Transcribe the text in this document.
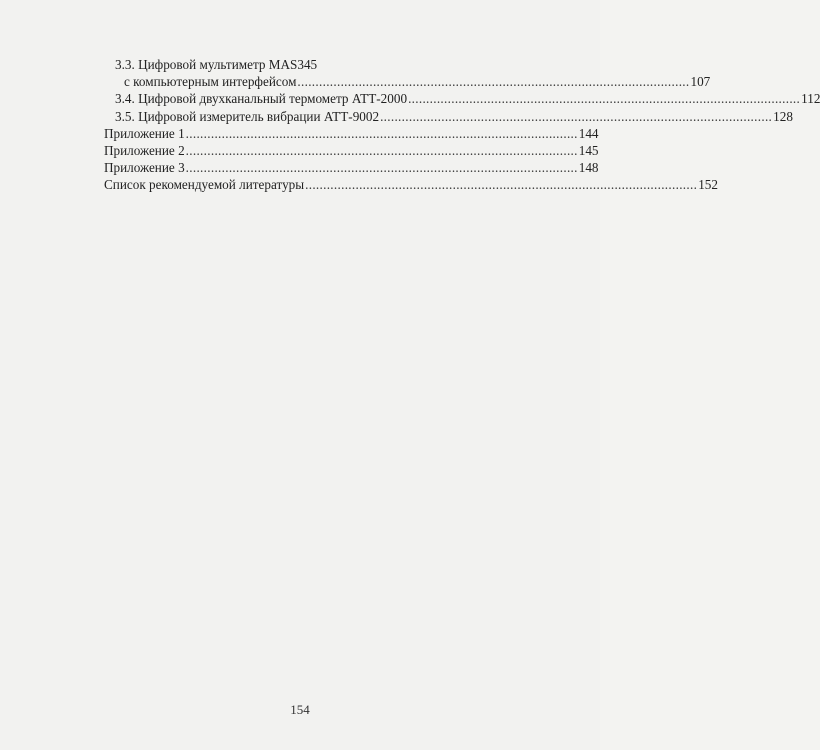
3.3. Цифровой мультиметр MAS345
с компьютерным интерфейсом ............................................................................................................. 107
3.4. Цифровой двухканальный термометр АТТ-2000 ............................................................................................................. 112
3.5. Цифровой измеритель вибрации АТТ-9002 ............................................................................................................. 128
Приложение 1 ............................................................................................................. 144
Приложение 2 ............................................................................................................. 145
Приложение 3 ............................................................................................................. 148
Список рекомендуемой литературы ............................................................................................................. 152
154
